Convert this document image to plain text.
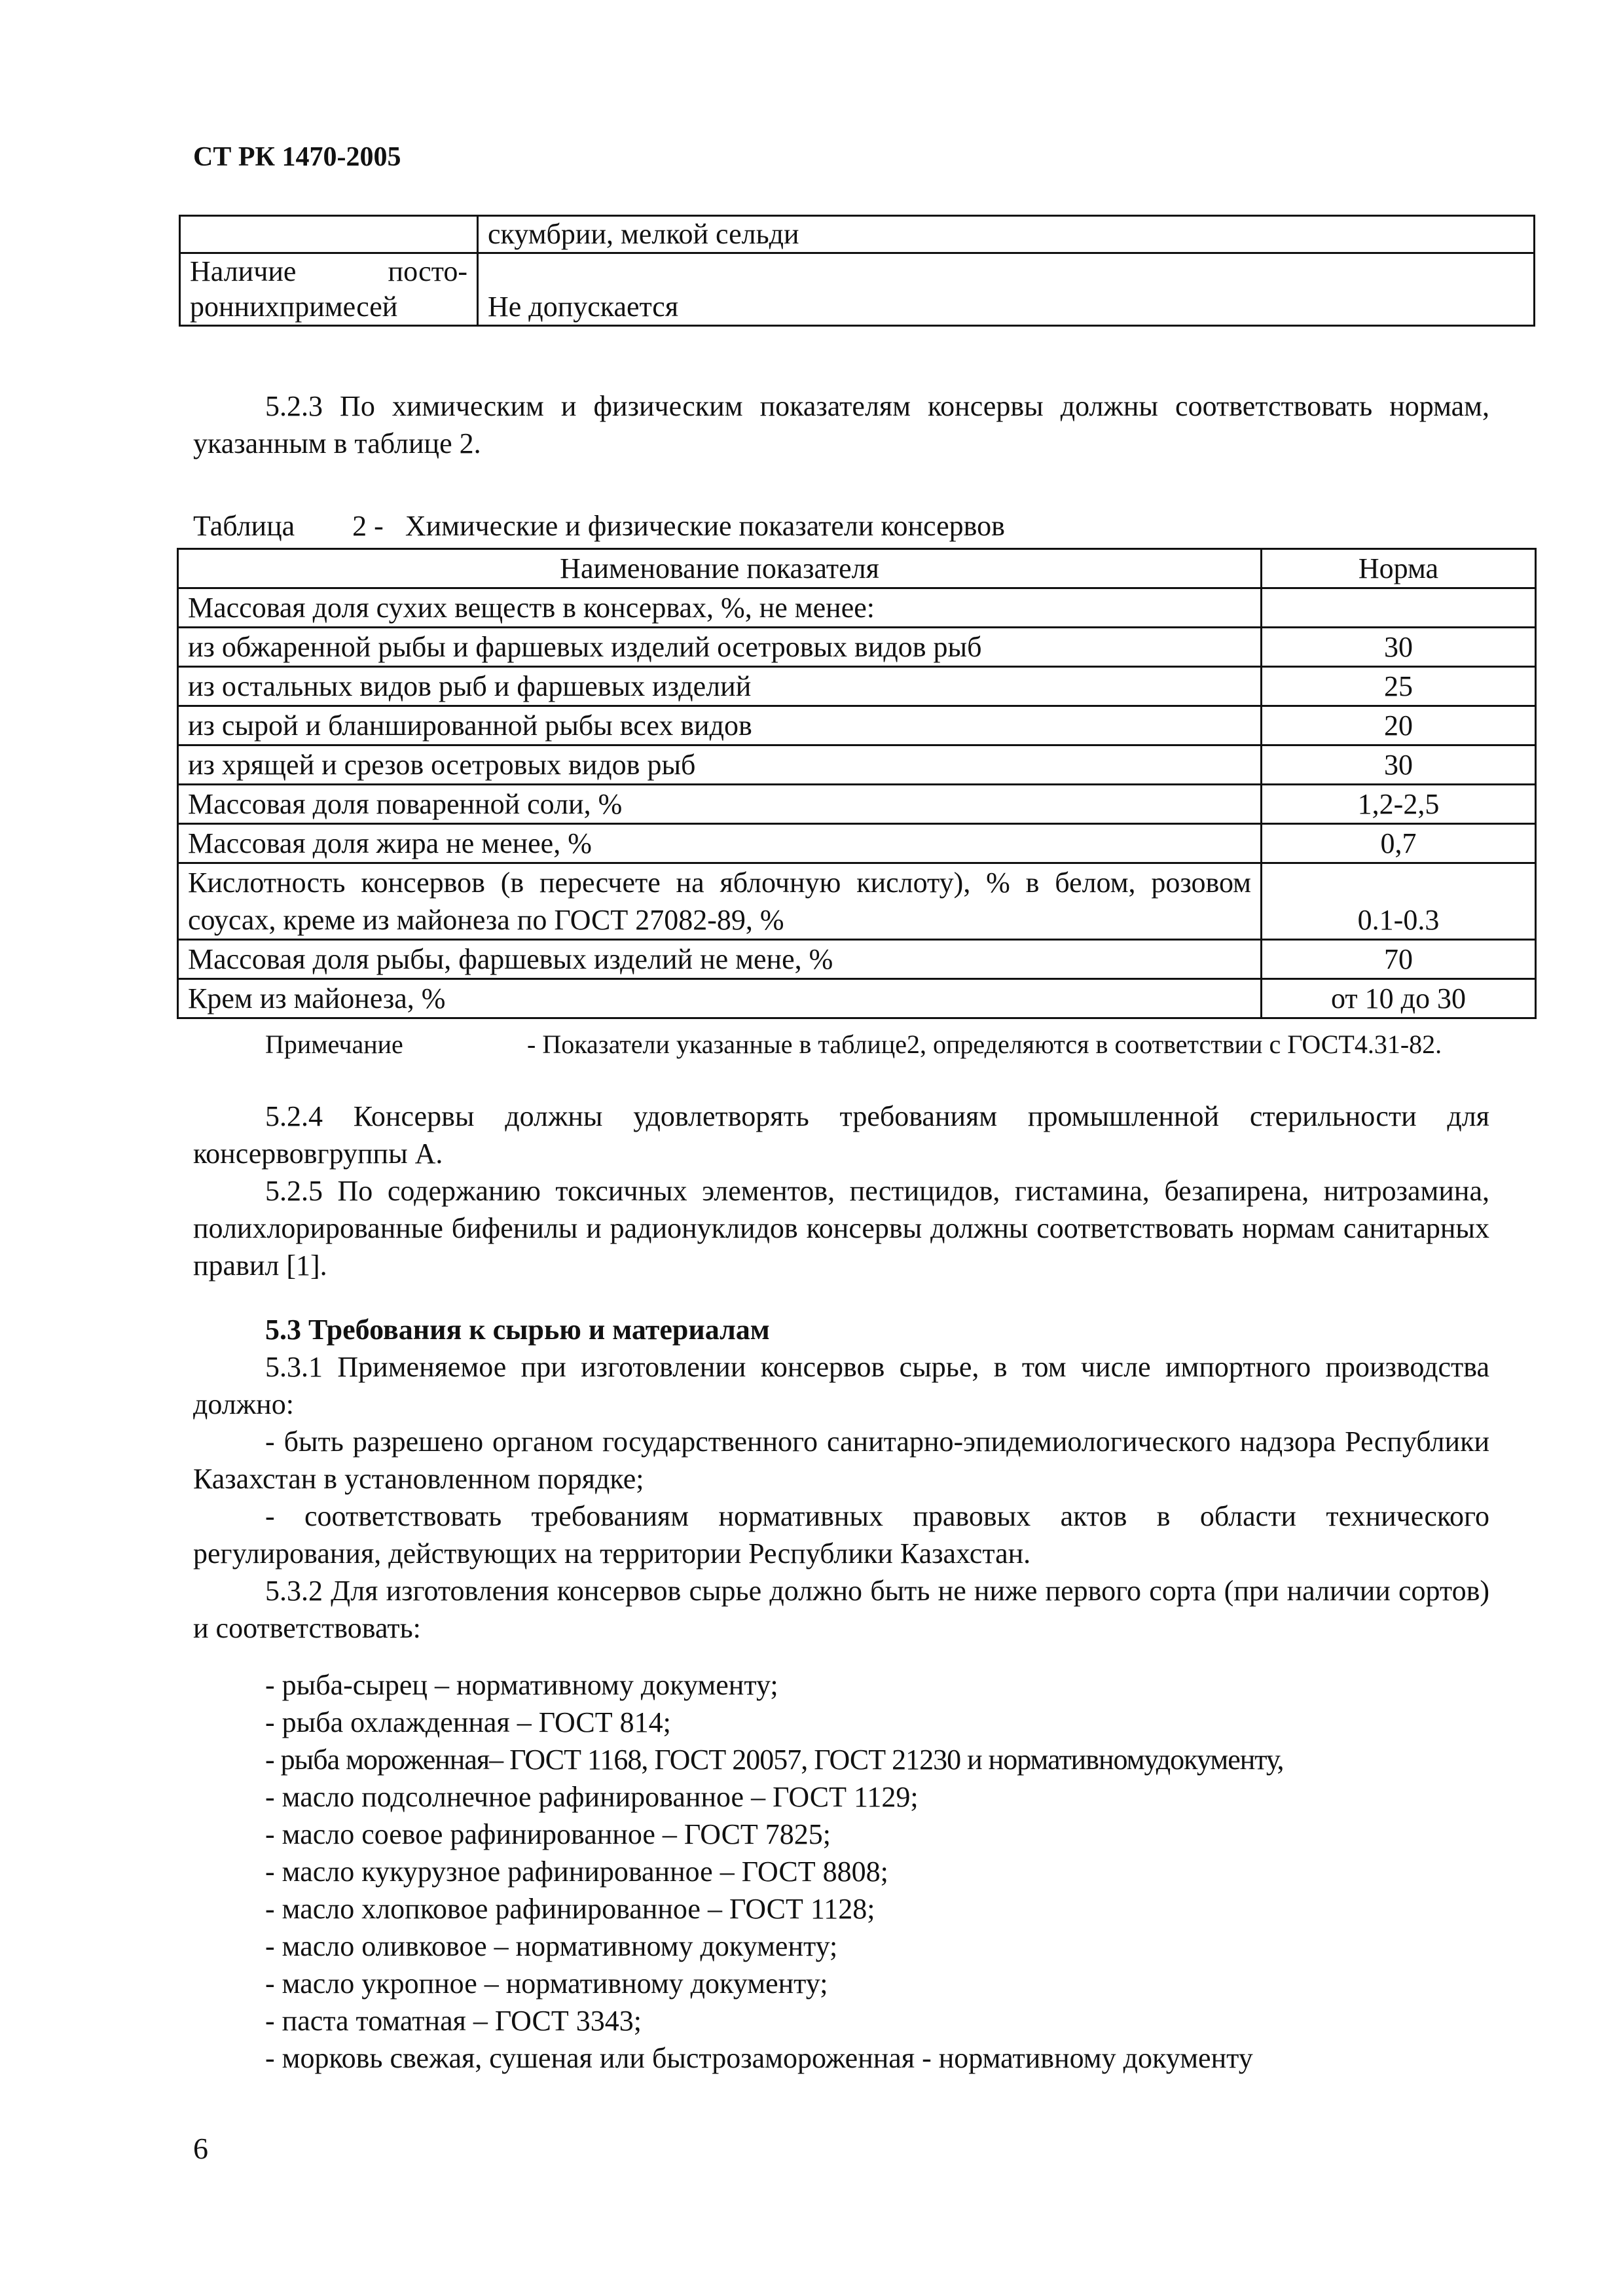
СТ РК 1470-2005
	скумбрии, мелкой сельди

Наличие посто-
роннихпримесей	Не допускается

5.2.3 По химическим и физическим показателям консервы должны соответствовать нормам, указанным в таблице 2.

Таблица        2 -   Химические и физические показатели консервов
Наименование показателя	Норма
Массовая доля сухих веществ в консервах, %, не менее:	
из обжаренной рыбы и фаршевых изделий осетровых видов рыб	30
из остальных видов рыб и фаршевых изделий	25
из сырой и бланшированной рыбы всех видов	20
из хрящей и срезов осетровых видов рыб	30
Массовая доля поваренной соли, %	1,2-2,5
Массовая доля жира не менее, %	0,7
Кислотность консервов (в пересчете на яблочную кислоту), % в белом, розовом соусах, креме из майонеза по ГОСТ 27082-89, %	0.1-0.3
Массовая доля рыбы, фаршевых изделий не мене, %	70
Крем из майонеза, %	от 10 до 30

Примечание	- Показатели указанные в таблице2, определяются в соответствии с ГОСТ4.31-82.

5.2.4 Консервы должны удовлетворять требованиям промышленной стерильности для консервовгруппы А.

5.2.5 По содержанию токсичных элементов, пестицидов, гистамина, безапирена, нитрозамина, полихлорированные бифенилы и радионуклидов консервы должны соответствовать нормам санитарных правил [1].

5.3 Требования к сырью и материалам

5.3.1 Применяемое при изготовлении консервов сырье, в том числе импортного производства должно:

- быть разрешено органом государственного санитарно-эпидемиологического надзора Республики Казахстан в установленном порядке;

- соответствовать требованиям нормативных правовых актов в области технического регулирования, действующих на территории Республики Казахстан.

5.3.2 Для изготовления консервов сырье должно быть не ниже первого сорта (при наличии сортов) и соответствовать:

- рыба-сырец – нормативному документу;
- рыба охлажденная – ГОСТ 814;
- рыба мороженная– ГОСТ 1168, ГОСТ 20057, ГОСТ 21230 и нормативномудокументу,
- масло подсолнечное рафинированное – ГОСТ 1129;
- масло соевое рафинированное – ГОСТ 7825;
- масло кукурузное рафинированное – ГОСТ 8808;
- масло хлопковое рафинированное – ГОСТ 1128;
- масло оливковое – нормативному документу;
- масло укропное – нормативному документу;
- паста томатная – ГОСТ 3343;
- морковь свежая, сушеная или быстрозамороженная - нормативному документу
6
